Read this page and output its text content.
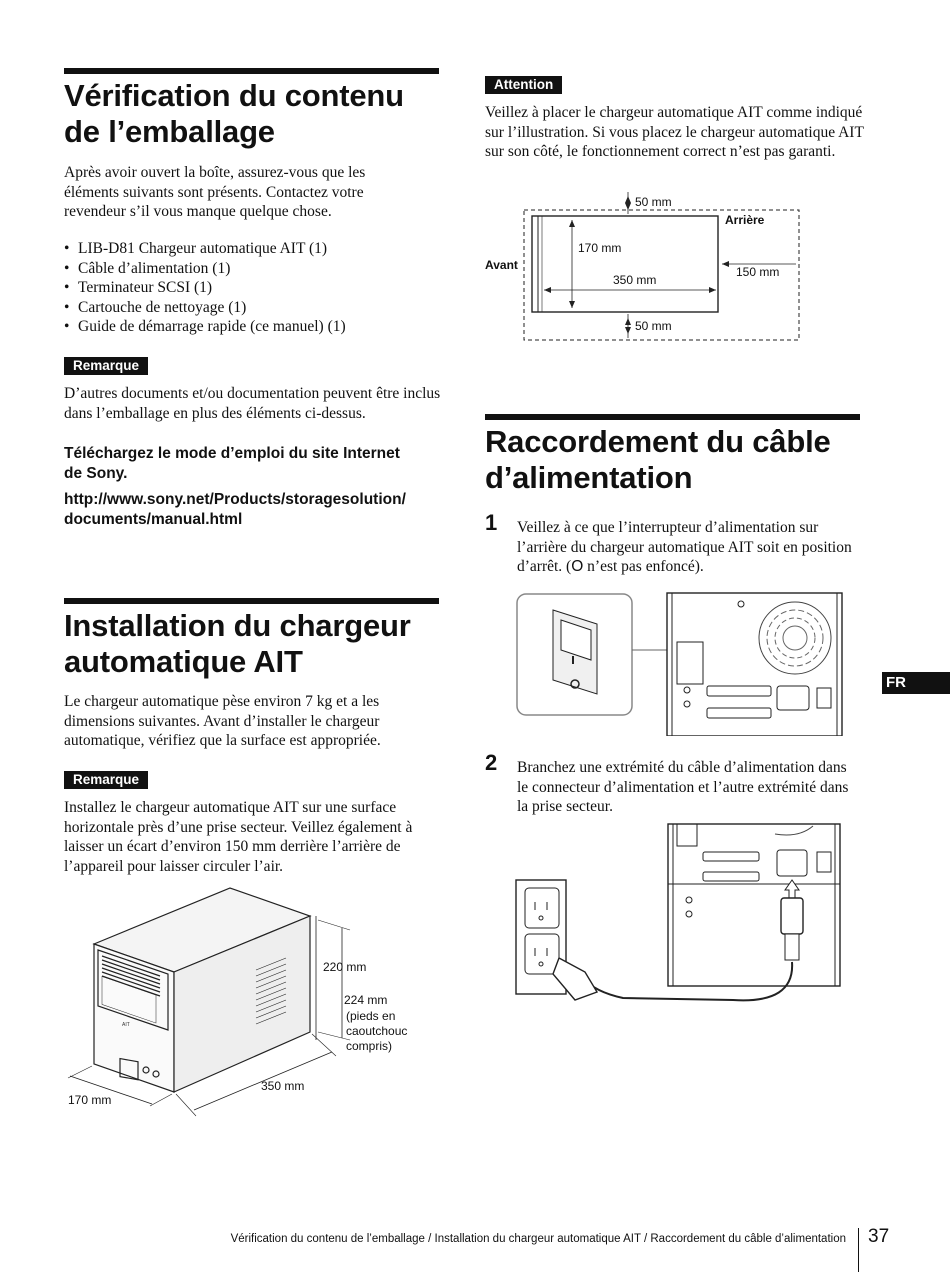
Vérification du contenu
de l’emballage

Après avoir ouvert la boîte, assurez-vous que les éléments suivants sont présents. Contactez votre revendeur s’il vous manque quelque chose.

• LIB-D81 Chargeur automatique AIT (1)
• Câble d’alimentation (1)
• Terminateur SCSI (1)
• Cartouche de nettoyage (1)
• Guide de démarrage rapide (ce manuel) (1)
Remarque

D’autres documents et/ou documentation peuvent être inclus dans l’emballage en plus des éléments ci-dessus.

Téléchargez le mode d’emploi du site Internet
de Sony.

http://www.sony.net/Products/storagesolution/
documents/manual.html

Installation du chargeur
automatique AIT

Le chargeur automatique pèse environ 7 kg et a les dimensions suivantes. Avant d’installer le chargeur automatique, vérifiez que la surface est appropriée.

Remarque

Installez le chargeur automatique AIT sur une surface horizontale près d’une prise secteur. Veillez également à laisser un écart d’environ 150 mm derrière l’arrière de l’appareil pour laisser circuler l’air.

AIT
220 mm
224 mm
(pieds en
caoutchouc
compris)
350 mm
170 mm
Attention

Veillez à placer le chargeur automatique AIT comme indiqué sur l’illustration. Si vous placez le chargeur automatique AIT sur son côté, le fonctionnement correct n’est pas garanti.

50 mm
Arrière
Avant
170 mm
350 mm
150 mm
50 mm
Raccordement du câble
d’alimentation
1 Veillez à ce que l’interrupteur d’alimentation sur l’arrière du chargeur automatique AIT soit en position d’arrêt. (O n’est pas enfoncé).

2 Branchez une extrémité du câble d’alimentation dans le connecteur d’alimentation et l’autre extrémité dans la prise secteur.

FR
Vérification du contenu de l’emballage / Installation du chargeur automatique AIT / Raccordement du câble d’alimentation 37
